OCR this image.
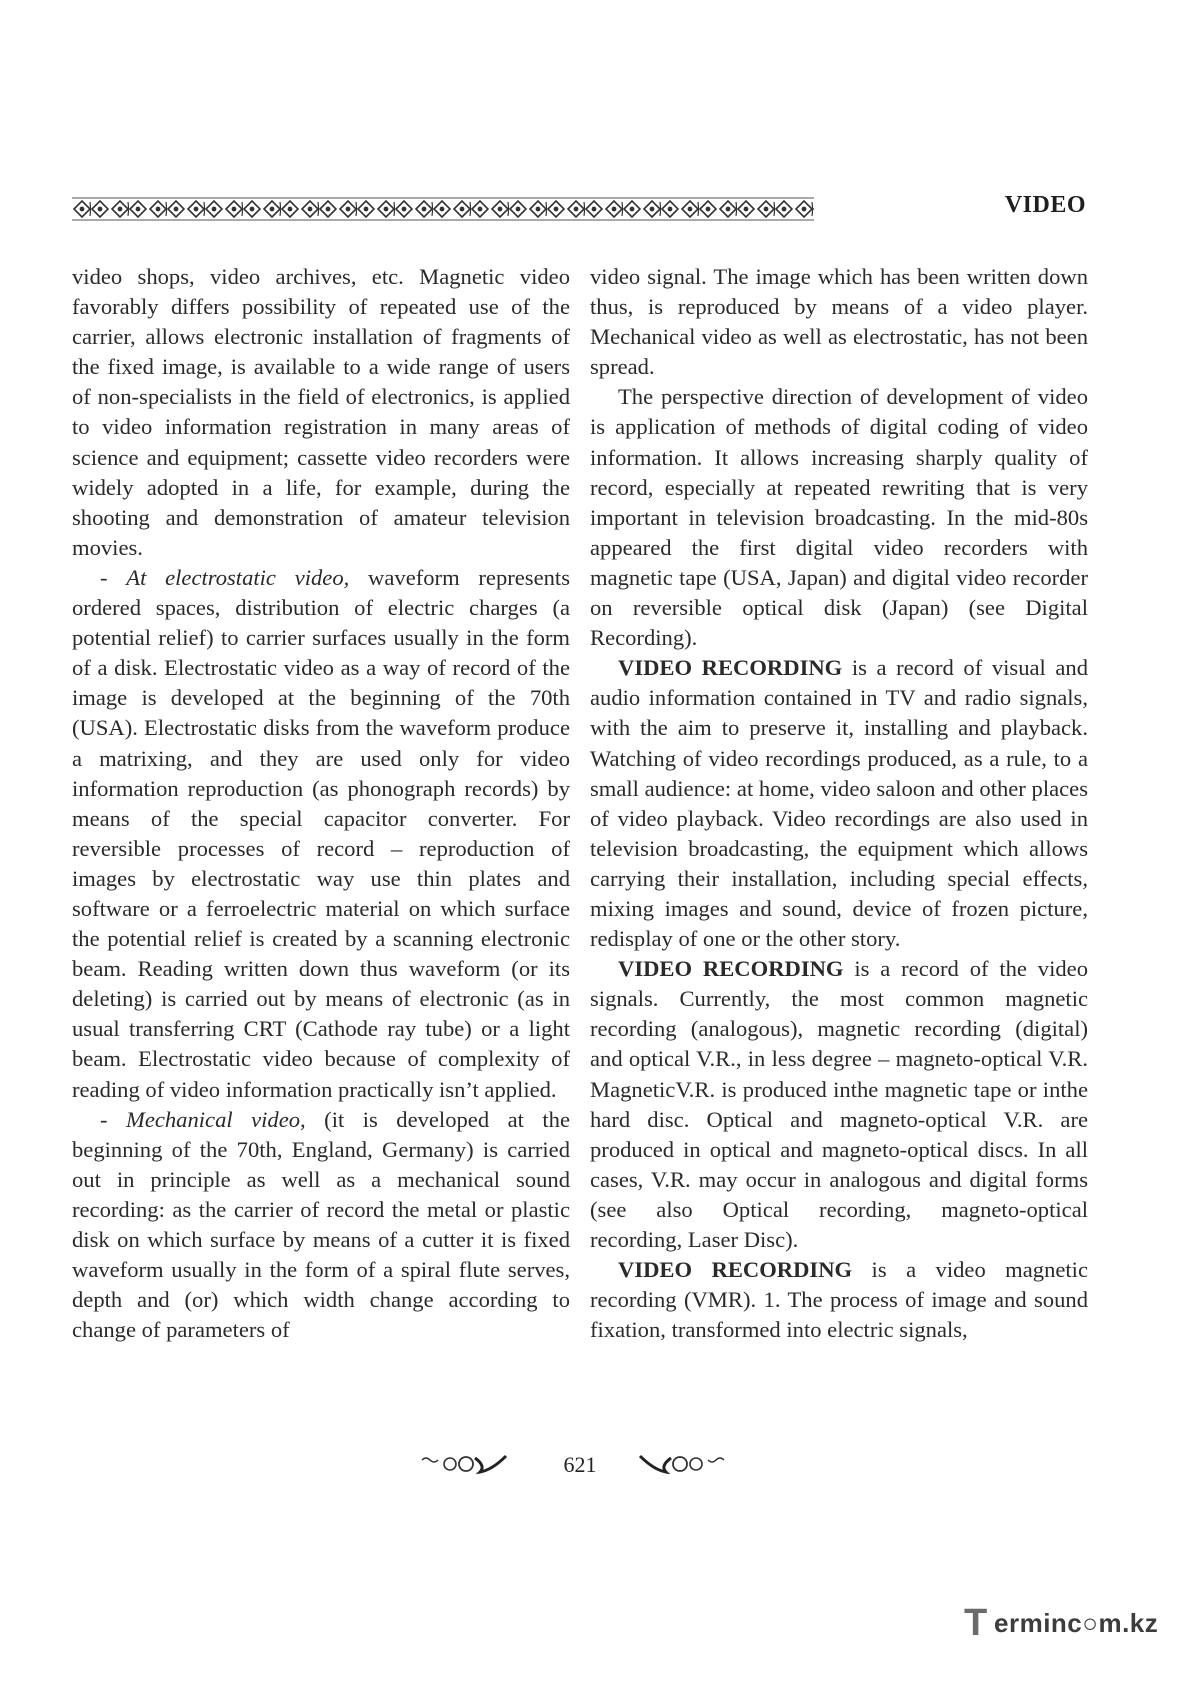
VIDEO

video shops, video archives, etc. Magnetic video favorably differs possibility of repeated use of the carrier, allows electronic installation of fragments of the fixed image, is available to a wide range of users of non-specialists in the field of electronics, is applied to video information registration in many areas of science and equipment; cassette video recorders were widely adopted in a life, for example, during the shooting and demonstration of amateur television movies.

- At electrostatic video, waveform represents ordered spaces, distribution of electric charges (a potential relief) to carrier surfaces usually in the form of a disk. Electrostatic video as a way of record of the image is developed at the beginning of the 70th (USA). Electrostatic disks from the waveform produce a matrixing, and they are used only for video information reproduction (as phonograph records) by means of the special capacitor converter. For reversible processes of record – reproduction of images by electrostatic way use thin plates and software or a ferroelectric material on which surface the potential relief is created by a scanning electronic beam. Reading written down thus waveform (or its deleting) is carried out by means of electronic (as in usual transferring CRT (Cathode ray tube) or a light beam. Electrostatic video because of complexity of reading of video information practically isn’t applied.

- Mechanical video, (it is developed at the beginning of the 70th, England, Germany) is carried out in principle as well as a mechanical sound recording: as the carrier of record the metal or plastic disk on which surface by means of a cutter it is fixed waveform usually in the form of a spiral flute serves, depth and (or) which width change according to change of parameters of

video signal. The image which has been written down thus, is reproduced by means of a video player. Mechanical video as well as electrostatic, has not been spread.

The perspective direction of development of video is application of methods of digital coding of video information. It allows increasing sharply quality of record, especially at repeated rewriting that is very important in television broadcasting. In the mid-80s appeared the first digital video recorders with magnetic tape (USA, Japan) and digital video recorder on reversible optical disk (Japan) (see Digital Recording).

VIDEO RECORDING is a record of visual and audio information contained in TV and radio signals, with the aim to preserve it, installing and playback. Watching of video recordings produced, as a rule, to a small audience: at home, video saloon and other places of video playback. Video recordings are also used in television broadcasting, the equipment which allows carrying their installation, including special effects, mixing images and sound, device of frozen picture, redisplay of one or the other story.

VIDEO RECORDING is a record of the video signals. Currently, the most common magnetic recording (analogous), magnetic recording (digital) and optical V.R., in less degree – magneto-optical V.R. MagneticV.R. is produced inthe magnetic tape or inthe hard disc. Optical and magneto-optical V.R. are produced in optical and magneto-optical discs. In all cases, V.R. may occur in analogous and digital forms (see also Optical recording, magneto-optical recording, Laser Disc).

VIDEO RECORDING is a video magnetic recording (VMR). 1. The process of image and sound fixation, transformed into electric signals,

621
T erminc○m.kz
